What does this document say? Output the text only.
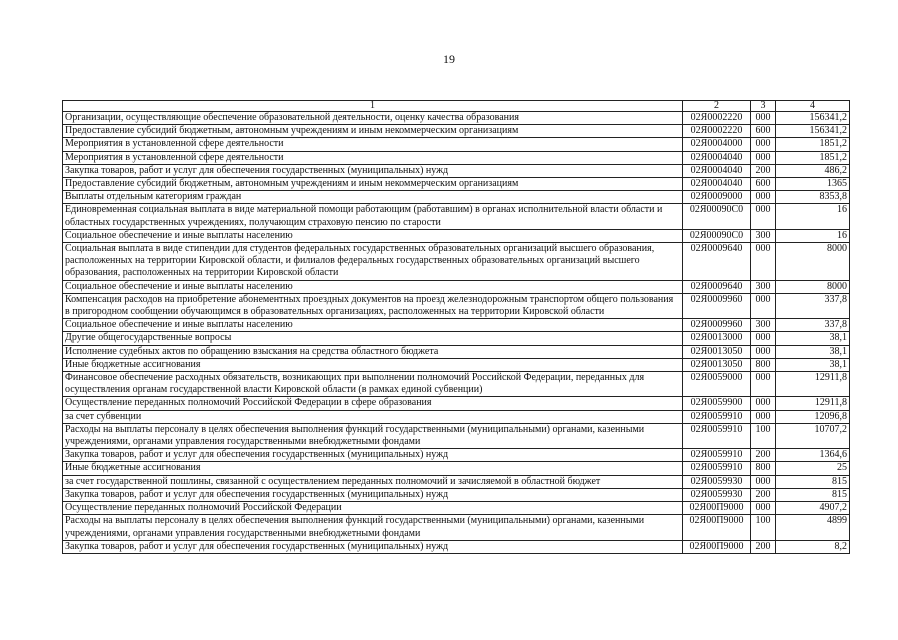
19
1	2	3	4
Организации, осуществляющие обеспечение образовательной деятельности, оценку качества образования	02Я0002220	000	156341,2
Предоставление субсидий бюджетным, автономным учреждениям и иным некоммерческим организациям	02Я0002220	600	156341,2
Мероприятия в установленной сфере деятельности	02Я0004000	000	1851,2
Мероприятия в установленной сфере деятельности	02Я0004040	000	1851,2
Закупка товаров, работ и услуг для обеспечения государственных (муниципальных) нужд	02Я0004040	200	486,2
Предоставление субсидий бюджетным, автономным учреждениям и иным некоммерческим организациям	02Я0004040	600	1365
Выплаты отдельным категориям граждан	02Я0009000	000	8353,8
Единовременная социальная выплата в виде материальной помощи работающим (работавшим) в органах исполнительной власти области и областных государственных учреждениях, получающим страховую пенсию по старости	02Я00090С0	000	16
Социальное обеспечение и иные выплаты населению	02Я00090С0	300	16
Социальная выплата в виде стипендии для студентов федеральных государственных образовательных организаций высшего образования, расположенных на территории Кировской области, и филиалов федеральных государственных образовательных организаций высшего образования, расположенных на территории Кировской области	02Я0009640	000	8000
Социальное обеспечение и иные выплаты населению	02Я0009640	300	8000
Компенсация расходов на приобретение абонементных проездных документов на проезд железнодорожным транспортом общего пользования в пригородном сообщении обучающимся в образовательных организациях, расположенных на территории Кировской области	02Я0009960	000	337,8
Социальное обеспечение и иные выплаты населению	02Я0009960	300	337,8
Другие общегосударственные вопросы	02Я0013000	000	38,1
Исполнение судебных актов по обращению взыскания на средства областного бюджета	02Я0013050	000	38,1
Иные бюджетные ассигнования	02Я0013050	800	38,1
Финансовое обеспечение расходных обязательств, возникающих при выполнении полномочий Российской Федерации, переданных для осуществления органам государственной власти Кировской области (в рамках единой субвенции)	02Я0059000	000	12911,8
Осуществление переданных полномочий Российской Федерации в сфере образования	02Я0059900	000	12911,8
за счет субвенции	02Я0059910	000	12096,8
Расходы на выплаты персоналу в целях обеспечения выполнения функций государственными (муниципальными) органами, казенными учреждениями, органами управления государственными внебюджетными фондами	02Я0059910	100	10707,2
Закупка товаров, работ и услуг для обеспечения государственных (муниципальных) нужд	02Я0059910	200	1364,6
Иные бюджетные ассигнования	02Я0059910	800	25
за счет государственной пошлины, связанной с осуществлением переданных полномочий и зачисляемой в областной бюджет	02Я0059930	000	815
Закупка товаров, работ и услуг для обеспечения государственных (муниципальных) нужд	02Я0059930	200	815
Осуществление переданных полномочий Российской Федерации	02Я00П9000	000	4907,2
Расходы на выплаты персоналу в целях обеспечения выполнения функций государственными (муниципальными) органами, казенными учреждениями, органами управления государственными внебюджетными фондами	02Я00П9000	100	4899
Закупка товаров, работ и услуг для обеспечения государственных (муниципальных) нужд	02Я00П9000	200	8,2
